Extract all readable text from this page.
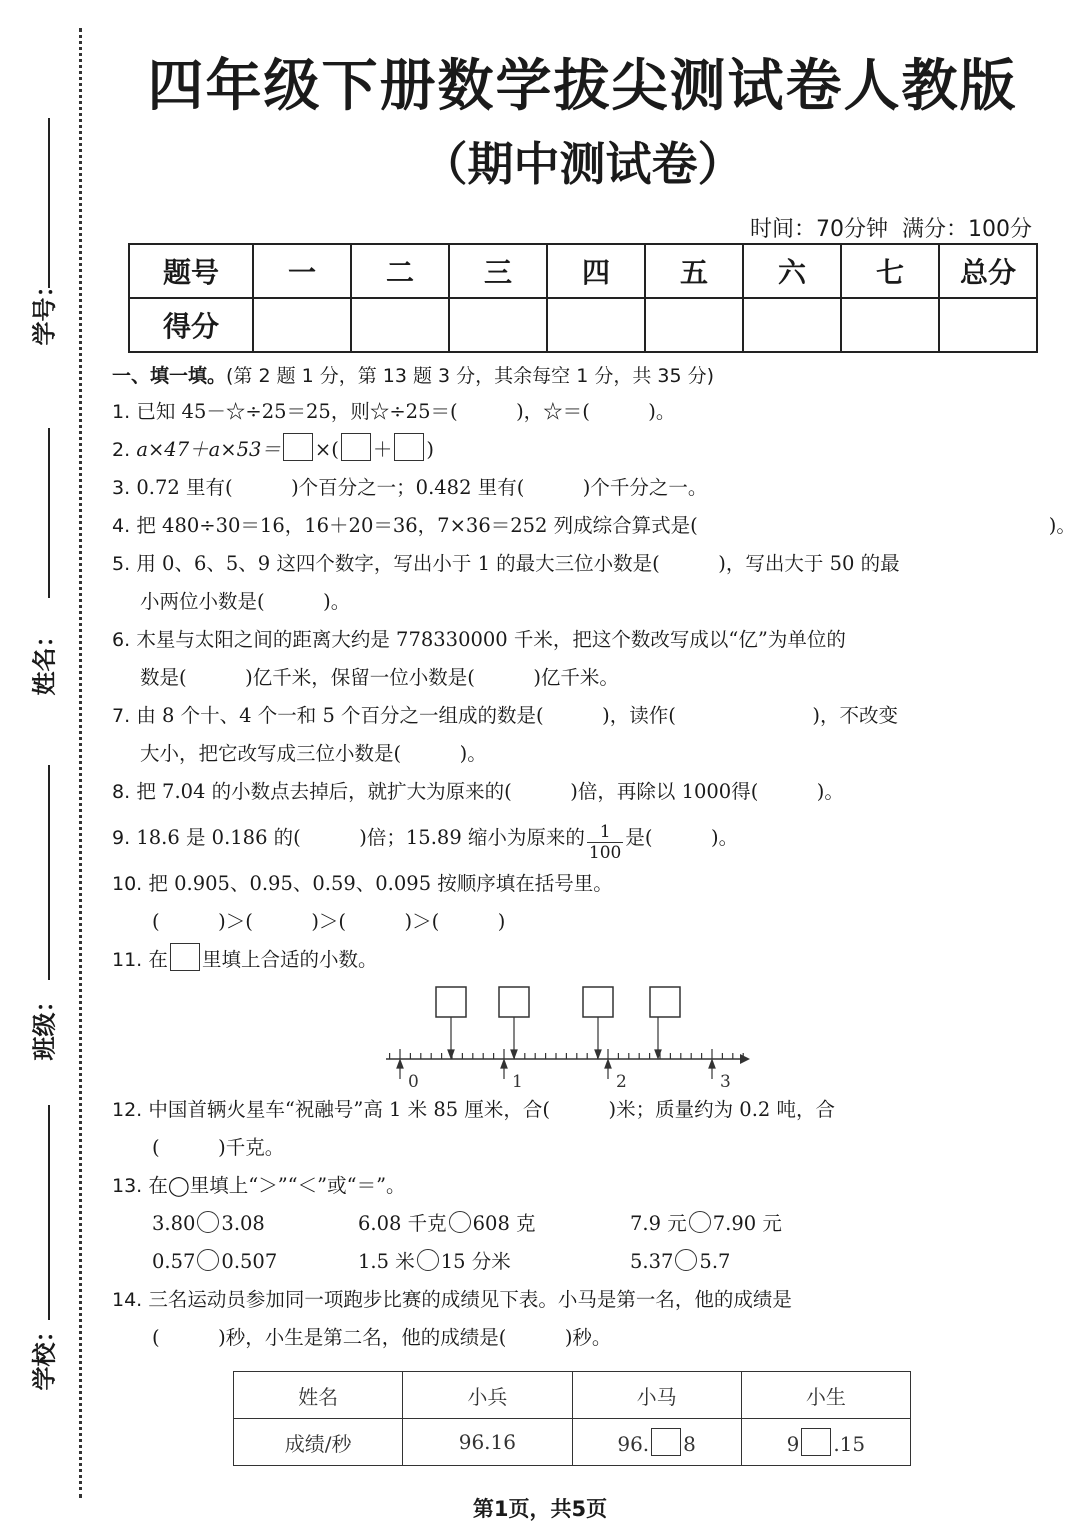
学号：
姓名：
班级：
学校：
四年级下册数学拔尖测试卷人教版
（期中测试卷）
时间：70分钟 满分：100分
题号	一	二	三	四	五	六	七	总分
得分								
一、填一填。(第 2 题 1 分，第 13 题 3 分，其余每空 1 分，共 35 分)
1. 已知 45－☆÷25＝25，则☆÷25＝(　　　)，☆＝(　　　)。
2. a×47＋a×53＝ ×( ＋ )
3. 0.72 里有(　　　)个百分之一；0.482 里有(　　　)个千分之一。
4. 把 480÷30＝16，16＋20＝36，7×36＝252 列成综合算式是(　　　　　　　　　　　　　　　　　　)。
5. 用 0、6、5、9 这四个数字，写出小于 1 的最大三位小数是(　　　)，写出大于 50 的最
小两位小数是(　　　)。
6. 木星与太阳之间的距离大约是 778330000 千米，把这个数改写成以“亿”为单位的
数是(　　　)亿千米，保留一位小数是(　　　)亿千米。
7. 由 8 个十、4 个一和 5 个百分之一组成的数是(　　　)，读作(　　　　　　　)，不改变
大小，把它改写成三位小数是(　　　)。
8. 把 7.04 的小数点去掉后，就扩大为原来的(　　　)倍，再除以 1000得(　　　)。
9. 18.6 是 0.186 的(　　　)倍；15.89 缩小为原来的 $\frac{1}{100}$ 是(　　　)。
10. 把 0.905、0.95、0.59、0.095 按顺序填在括号里。
(　　　)＞(　　　)＞(　　　)＞(　　　)
11. 在 里填上合适的小数。
0	1	2	3
12. 中国首辆火星车“祝融号”高 1 米 85 厘米，合(　　　)米；质量约为 0.2 吨，合
(　　　)千克。
13. 在◯里填上“＞”“＜”或“＝”。
3.80 3.08	6.08 千克 608 克	7.9 元 7.90 元
0.57 0.507	1.5 米 15 分米	5.37 5.7
14. 三名运动员参加同一项跑步比赛的成绩见下表。小马是第一名，他的成绩是
(　　　)秒，小生是第二名，他的成绩是(　　　)秒。
姓名	小兵	小马	小生
成绩/秒	96.16	96. 8	9 .15
第1页，共5页
